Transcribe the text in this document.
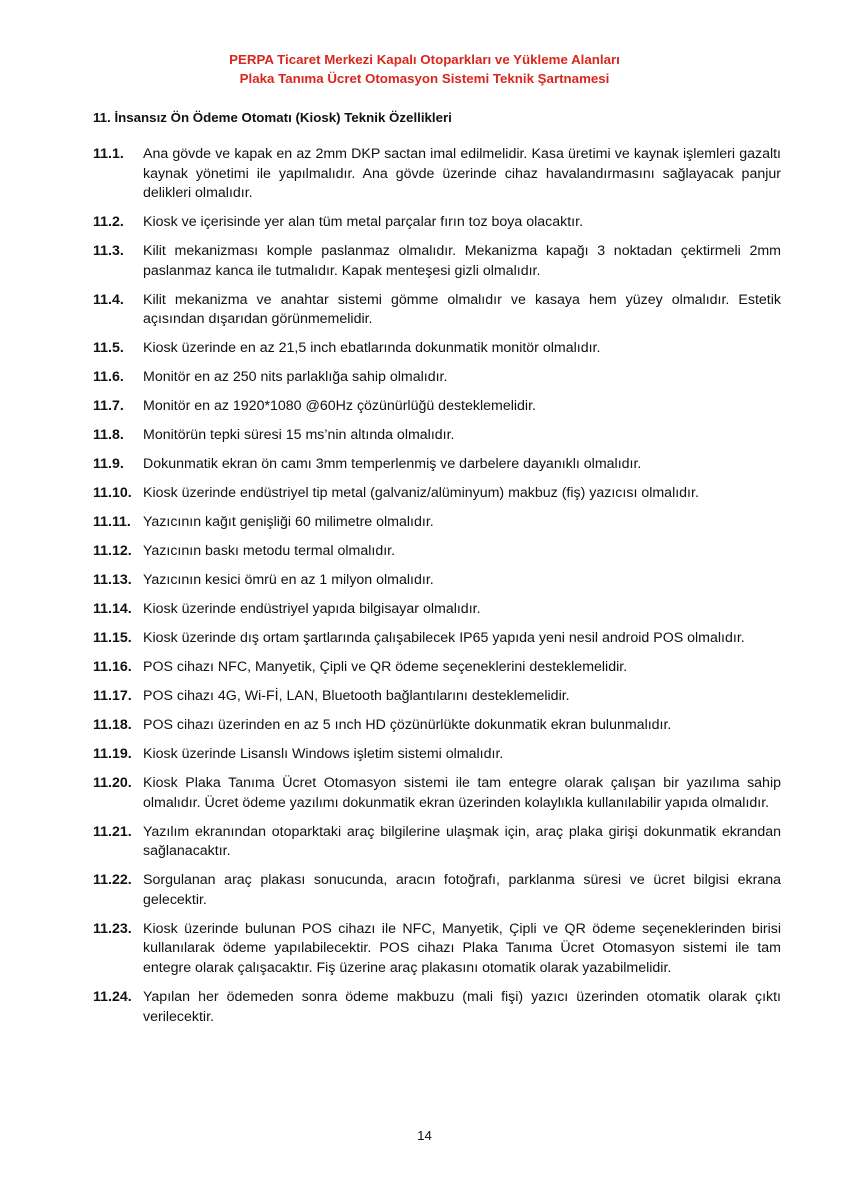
PERPA Ticaret Merkezi Kapalı Otoparkları ve Yükleme Alanları
Plaka Tanıma Ücret Otomasyon Sistemi Teknik Şartnamesi
11. İnsansız Ön Ödeme Otomatı (Kiosk) Teknik Özellikleri
11.1.	Ana gövde ve kapak en az 2mm DKP sactan imal edilmelidir. Kasa üretimi ve kaynak işlemleri gazaltı kaynak yönetimi ile yapılmalıdır. Ana gövde üzerinde cihaz havalandırmasını sağlayacak panjur delikleri olmalıdır.
11.2.	Kiosk ve içerisinde yer alan tüm metal parçalar fırın toz boya olacaktır.
11.3.	Kilit mekanizması komple paslanmaz olmalıdır. Mekanizma kapağı 3 noktadan çektirmeli 2mm paslanmaz kanca ile tutmalıdır. Kapak menteşesi gizli olmalıdır.
11.4.	Kilit mekanizma ve anahtar sistemi gömme olmalıdır ve kasaya hem yüzey olmalıdır. Estetik açısından dışarıdan görünmemelidir.
11.5.	Kiosk üzerinde en az 21,5 inch ebatlarında dokunmatik monitör olmalıdır.
11.6.	Monitör en az 250 nits parlaklığa sahip olmalıdır.
11.7.	Monitör en az 1920*1080 @60Hz çözünürlüğü desteklemelidir.
11.8.	Monitörün tepki süresi 15 ms’nin altında olmalıdır.
11.9.	Dokunmatik ekran ön camı 3mm temperlenmiş ve darbelere dayanıklı olmalıdır.
11.10. Kiosk üzerinde endüstriyel tip metal (galvaniz/alüminyum) makbuz (fiş) yazıcısı olmalıdır.
11.11. Yazıcının kağıt genişliği 60 milimetre olmalıdır.
11.12. Yazıcının baskı metodu termal olmalıdır.
11.13. Yazıcının kesici ömrü en az 1 milyon olmalıdır.
11.14. Kiosk üzerinde endüstriyel yapıda bilgisayar olmalıdır.
11.15. Kiosk üzerinde dış ortam şartlarında çalışabilecek IP65 yapıda yeni nesil android POS olmalıdır.
11.16. POS cihazı NFC, Manyetik, Çipli ve QR ödeme seçeneklerini desteklemelidir.
11.17. POS cihazı 4G, Wi-Fİ, LAN, Bluetooth bağlantılarını desteklemelidir.
11.18. POS cihazı üzerinden en az 5 ınch HD çözünürlükte dokunmatik ekran bulunmalıdır.
11.19. Kiosk üzerinde Lisanslı Windows işletim sistemi olmalıdır.
11.20. Kiosk Plaka Tanıma Ücret Otomasyon sistemi ile tam entegre olarak çalışan bir yazılıma sahip olmalıdır. Ücret ödeme yazılımı dokunmatik ekran üzerinden kolaylıkla kullanılabilir yapıda olmalıdır.
11.21. Yazılım ekranından otoparktaki araç bilgilerine ulaşmak için, araç plaka girişi dokunmatik ekrandan sağlanacaktır.
11.22. Sorgulanan araç plakası sonucunda, aracın fotoğrafı, parklanma süresi ve ücret bilgisi ekrana gelecektir.
11.23. Kiosk üzerinde bulunan POS cihazı ile NFC, Manyetik, Çipli ve QR ödeme seçeneklerinden birisi kullanılarak ödeme yapılabilecektir. POS cihazı Plaka Tanıma Ücret Otomasyon sistemi ile tam entegre olarak çalışacaktır. Fiş üzerine araç plakasını otomatik olarak yazabilmelidir.
11.24. Yapılan her ödemeden sonra ödeme makbuzu (mali fişi) yazıcı üzerinden otomatik olarak çıktı verilecektir.
14
